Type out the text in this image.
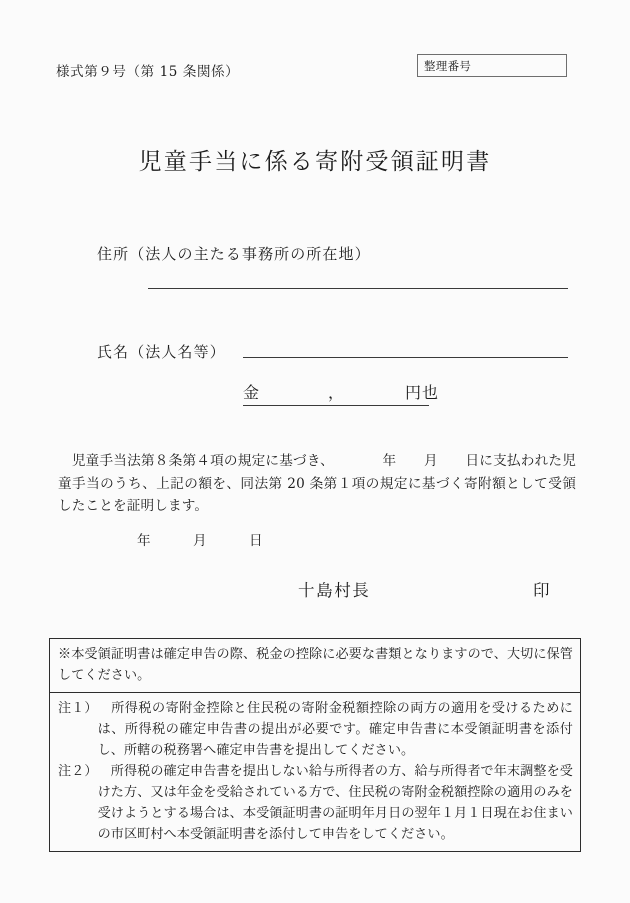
様式第９号（第 15 条関係）	整理番号
児童手当に係る寄附受領証明書
住所（法人の主たる事務所の所在地）
氏名（法人名等）
金　　　　，　　　　円也
　児童手当法第８条第４項の規定に基づき、　　　　年　　月　　日に支払われた児童手当のうち、上記の額を、同法第 20 条第１項の規定に基づく寄附額として受領したことを証明します。
年　　　月　　　日
十島村長	印

※本受領証明書は確定申告の際、税金の控除に必要な書類となりますので、大切に保管してください。

注１） 　所得税の寄附金控除と住民税の寄附金税額控除の両方の適用を受けるためには、所得税の確定申告書の提出が必要です。確定申告書に本受領証明書を添付し、所轄の税務署へ確定申告書を提出してください。

注２） 　所得税の確定申告書を提出しない給与所得者の方、給与所得者で年末調整を受けた方、又は年金を受給されている方で、住民税の寄附金税額控除の適用のみを受けようとする場合は、本受領証明書の証明年月日の翌年１月１日現在お住まいの市区町村へ本受領証明書を添付して申告をしてください。
